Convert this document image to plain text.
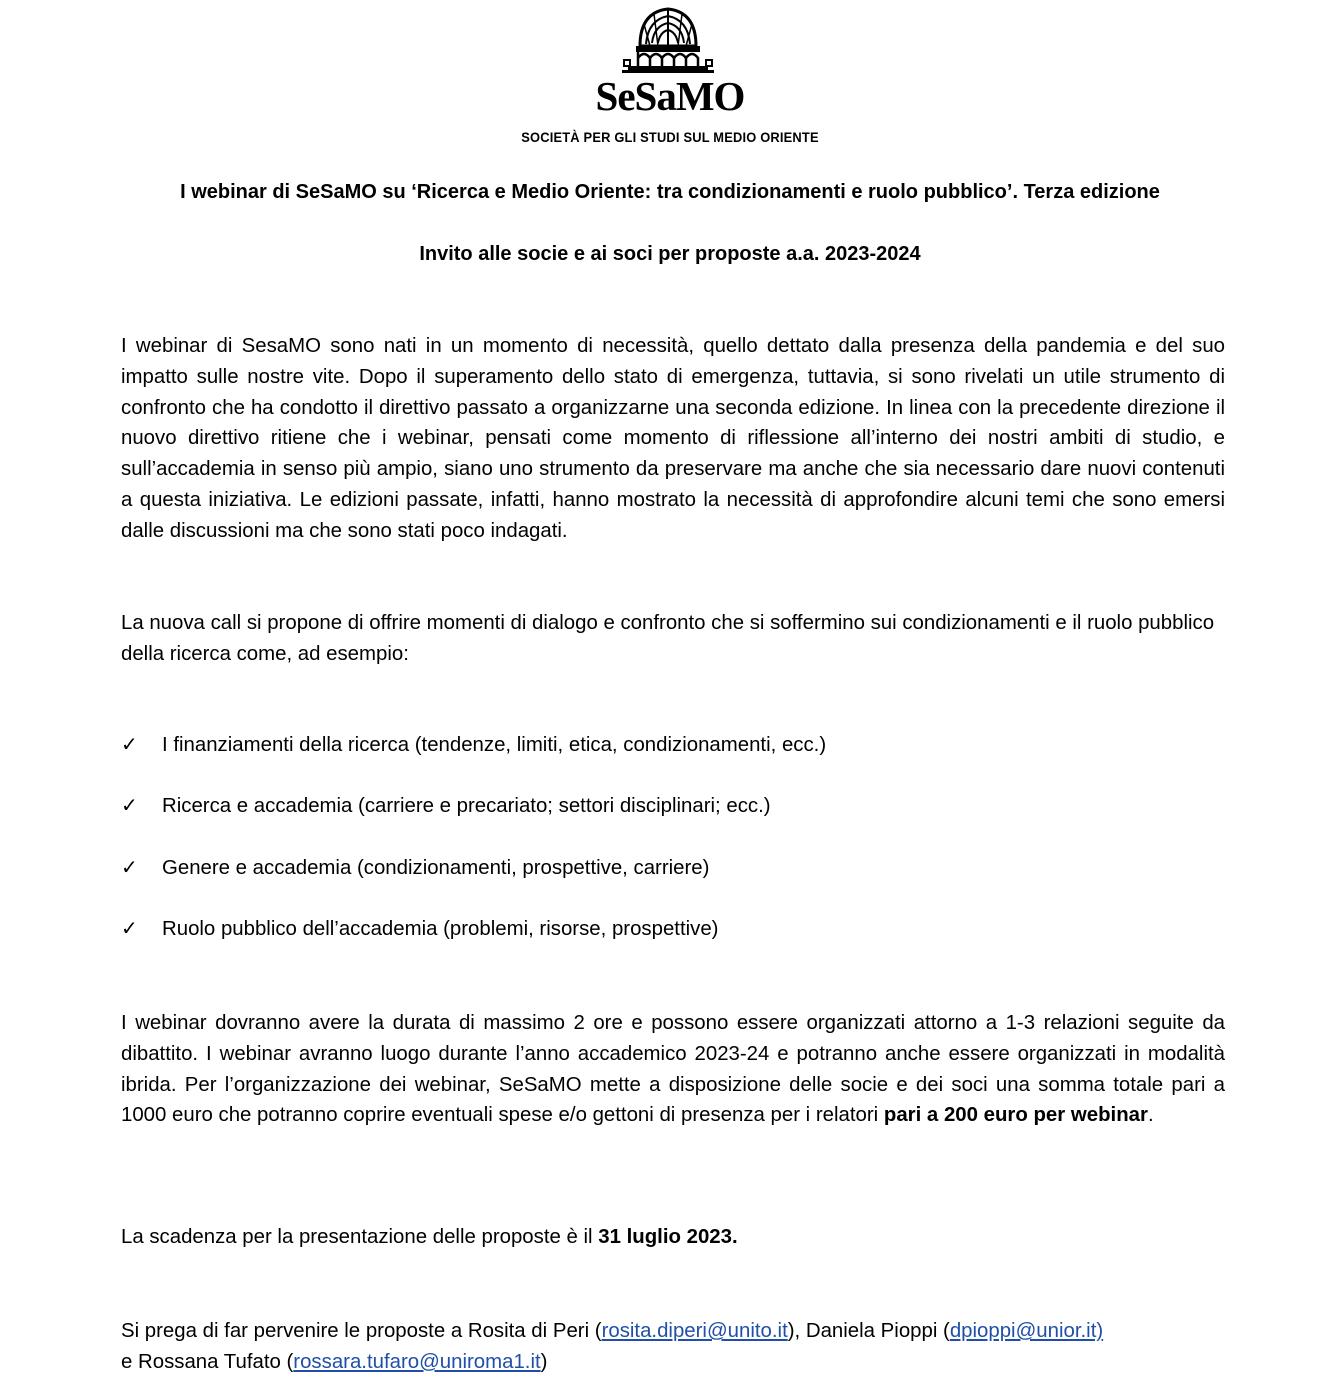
SeSaMO
SOCIETÀ PER GLI STUDI SUL MEDIO ORIENTE
I webinar di SeSaMO su ‘Ricerca e Medio Oriente: tra condizionamenti e ruolo pubblico’. Terza edizione
Invito alle socie e ai soci per proposte a.a. 2023-2024
I webinar di SesaMO sono nati in un momento di necessità, quello dettato dalla presenza della pandemia e del suo impatto sulle nostre vite. Dopo il superamento dello stato di emergenza, tuttavia, si sono rivelati un utile strumento di confronto che ha condotto il direttivo passato a organizzarne una seconda edizione. In linea con la precedente direzione il nuovo direttivo ritiene che i webinar, pensati come momento di riflessione all’interno dei nostri ambiti di studio, e sull’accademia in senso più ampio, siano uno strumento da preservare ma anche che sia necessario dare nuovi contenuti a questa iniziativa. Le edizioni passate, infatti, hanno mostrato la necessità di approfondire alcuni temi che sono emersi dalle discussioni ma che sono stati poco indagati.
La nuova call si propone di offrire momenti di dialogo e confronto che si soffermino sui condizionamenti e il ruolo pubblico della ricerca come, ad esempio:
✓ I finanziamenti della ricerca (tendenze, limiti, etica, condizionamenti, ecc.)
✓ Ricerca e accademia (carriere e precariato; settori disciplinari; ecc.)
✓ Genere e accademia (condizionamenti, prospettive, carriere)
✓ Ruolo pubblico dell’accademia (problemi, risorse, prospettive)
I webinar dovranno avere la durata di massimo 2 ore e possono essere organizzati attorno a 1-3 relazioni seguite da dibattito. I webinar avranno luogo durante l’anno accademico 2023-24 e potranno anche essere organizzati in modalità ibrida. Per l’organizzazione dei webinar, SeSaMO mette a disposizione delle socie e dei soci una somma totale pari a 1000 euro che potranno coprire eventuali spese e/o gettoni di presenza per i relatori pari a 200 euro per webinar.
La scadenza per la presentazione delle proposte è il 31 luglio 2023.
Si prega di far pervenire le proposte a Rosita di Peri (rosita.diperi@unito.it), Daniela Pioppi (dpioppi@unior.it)
e Rossana Tufato (rossara.tufaro@uniroma1.it)
